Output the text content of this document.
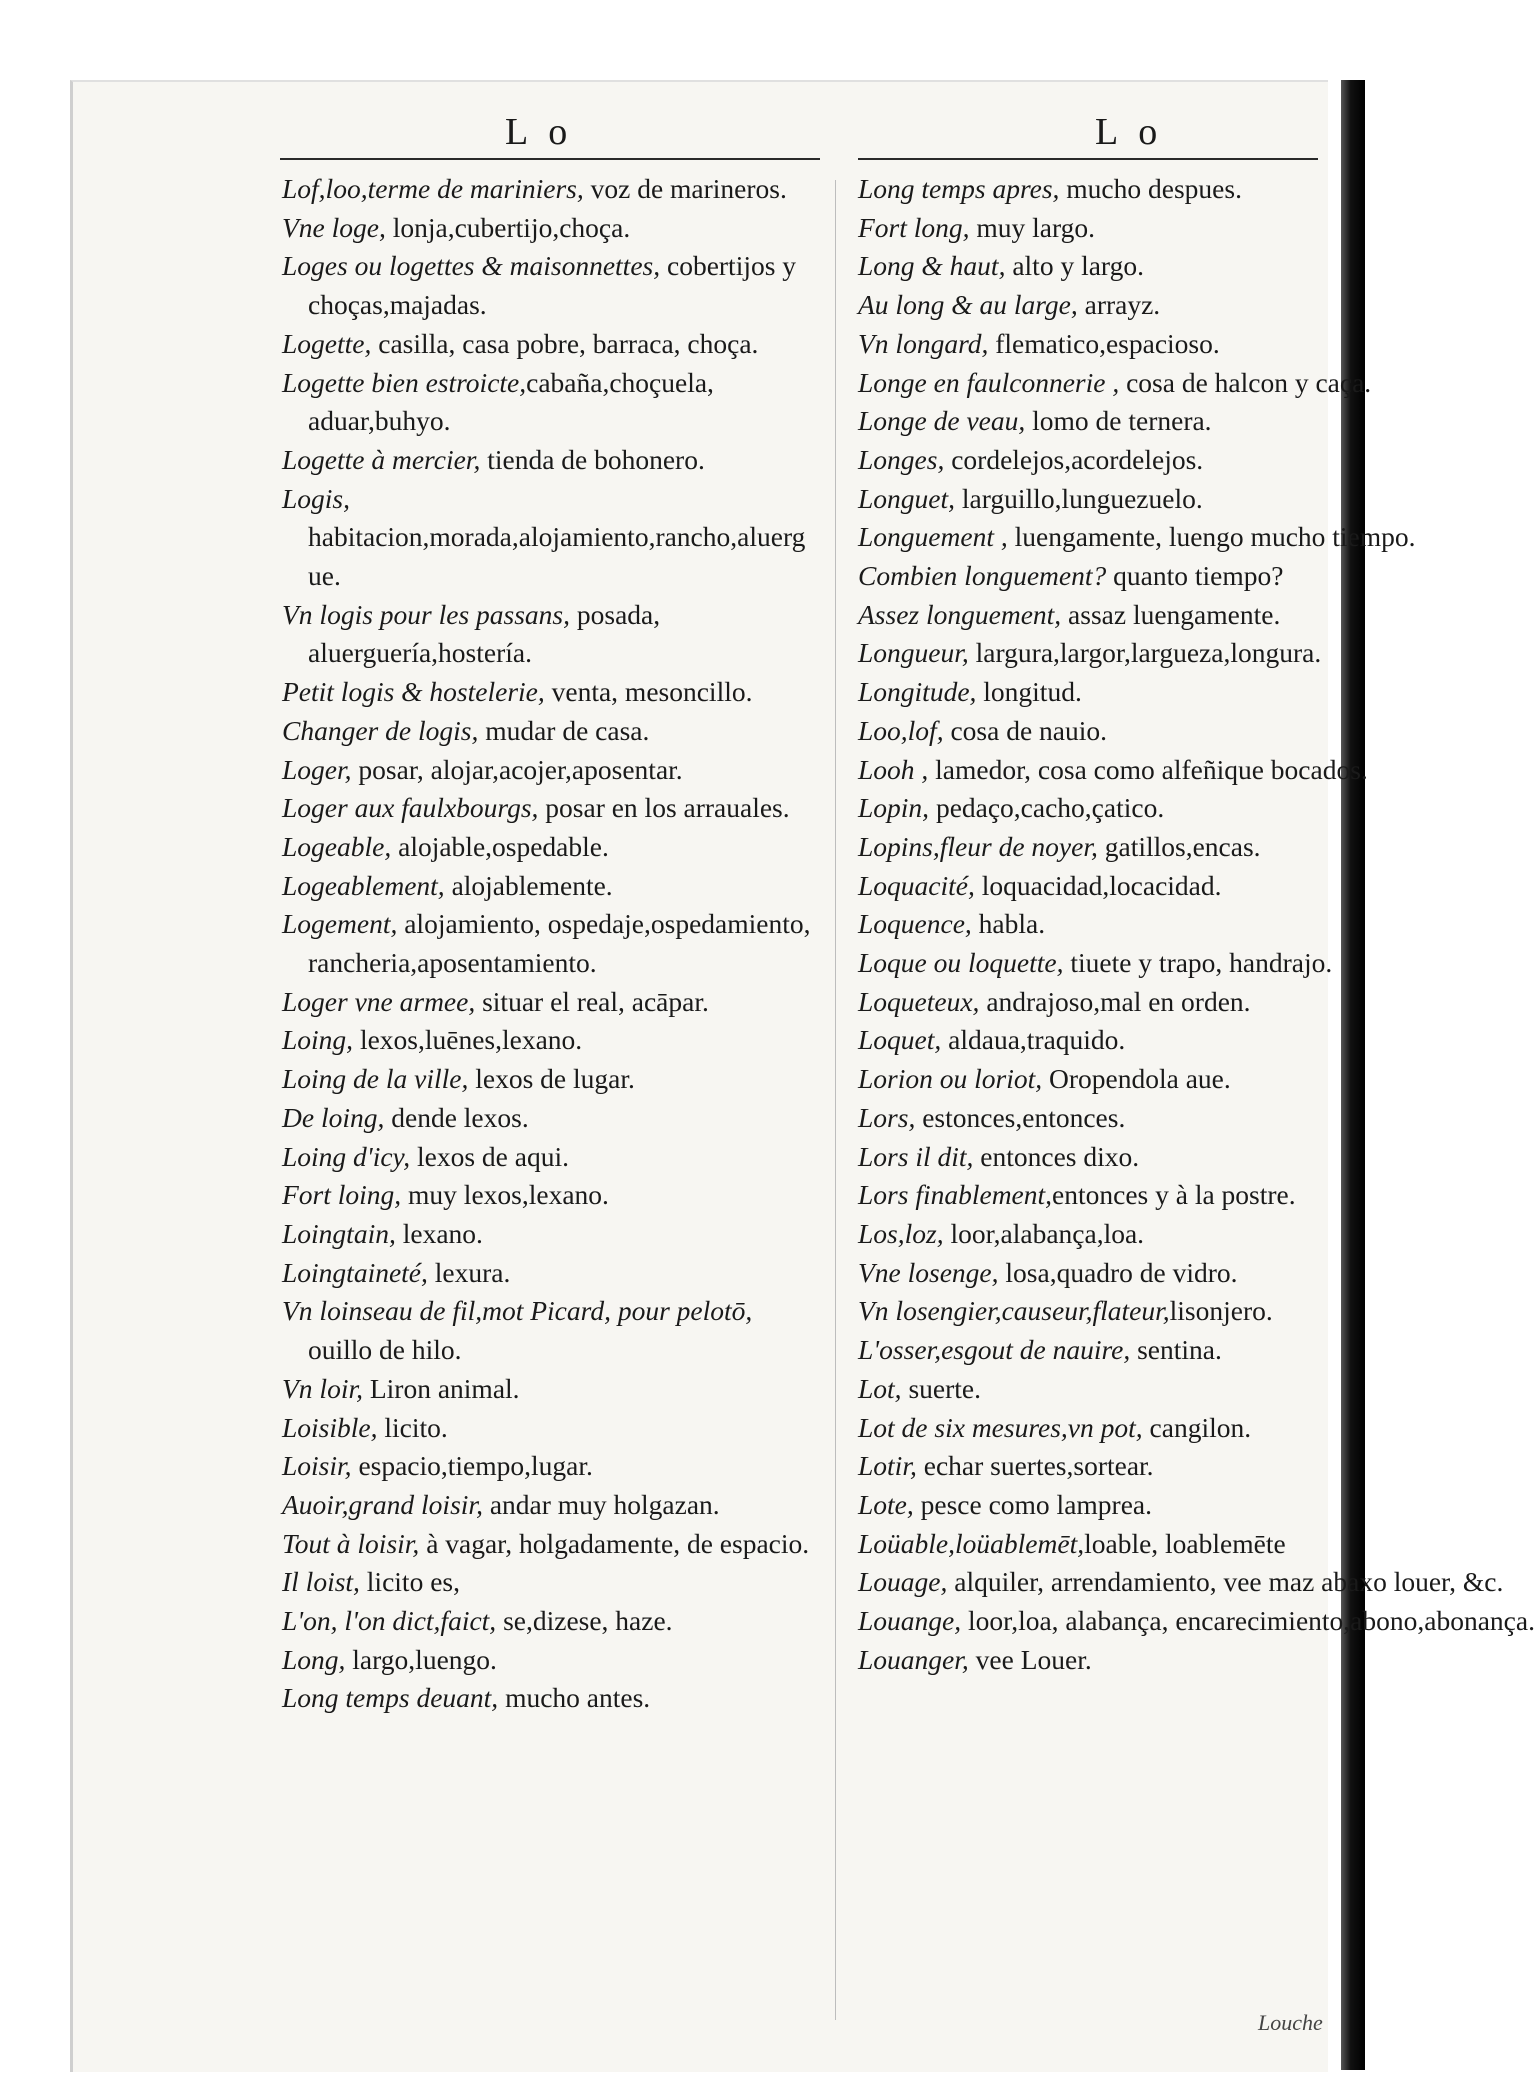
L o	L o
Lof,loo,terme de mariniers, voz de marineros.
Vne loge, lonja,cubertijo,choça.
Loges ou logettes & maisonnettes, cobertijos y choças,majadas.
Logette, casilla, casa pobre, barraca, choça.
Logette bien estroicte,cabaña,choçuela, aduar,buhyo.
Logette à mercier, tienda de bohonero.
Logis, habitacion,morada,alojamiento,rancho,aluergue.
Vn logis pour les passans, posada, aluerguería,hostería.
Petit logis & hostelerie, venta, mesoncillo.
Changer de logis, mudar de casa.
Loger, posar, alojar,acojer,aposentar.
Loger aux faulxbourgs, posar en los arrauales.
Logeable, alojable,ospedable.
Logeablement, alojablemente.
Logement, alojamiento, ospedaje,ospedamiento, rancheria,aposentamiento.
Loger vne armee, situar el real, acāpar.
Loing, lexos,luēnes,lexano.
Loing de la ville, lexos de lugar.
De loing, dende lexos.
Loing d'icy, lexos de aqui.
Fort loing, muy lexos,lexano.
Loingtain, lexano.
Loingtaineté, lexura.
Vn loinseau de fil,mot Picard, pour pelotō, ouillo de hilo.
Vn loir, Liron animal.
Loisible, licito.
Loisir, espacio,tiempo,lugar.
Auoir,grand loisir, andar muy holgazan.
Tout à loisir, à vagar, holgadamente, de espacio.
Il loist, licito es,
L'on, l'on dict,faict, se,dizese, haze.
Long, largo,luengo.
Long temps deuant, mucho antes.
Long temps apres, mucho despues.
Fort long, muy largo.
Long & haut, alto y largo.
Au long & au large, arrayz.
Vn longard, flematico,espacioso.
Longe en faulconnerie , cosa de halcon y caça.
Longe de veau, lomo de ternera.
Longes, cordelejos,acordelejos.
Longuet, larguillo,lunguezuelo.
Longuement , luengamente, luengo mucho tiempo.
Combien longuement? quanto tiempo?
Assez longuement, assaz luengamente.
Longueur, largura,largor,largueza,longura.
Longitude, longitud.
Loo,lof, cosa de nauio.
Looh , lamedor, cosa como alfeñique bocados.
Lopin, pedaço,cacho,çatico.
Lopins,fleur de noyer, gatillos,encas.
Loquacité, loquacidad,locacidad.
Loquence, habla.
Loque ou loquette, tiuete y trapo, handrajo.
Loqueteux, andrajoso,mal en orden.
Loquet, aldaua,traquido.
Lorion ou loriot, Oropendola aue.
Lors, estonces,entonces.
Lors il dit, entonces dixo.
Lors finablement,entonces y à la postre.
Los,loz, loor,alabança,loa.
Vne losenge, losa,quadro de vidro.
Vn losengier,causeur,flateur,lisonjero.
L'osser,esgout de nauire, sentina.
Lot, suerte.
Lot de six mesures,vn pot, cangilon.
Lotir, echar suertes,sortear.
Lote, pesce como lamprea.
Loüable,loüablemēt,loable, loablemēte
Louage, alquiler, arrendamiento, vee maz abaxo louer, &c.
Louange, loor,loa, alabança, encarecimiento,abono,abonança.
Louanger, vee Louer.
Louche
